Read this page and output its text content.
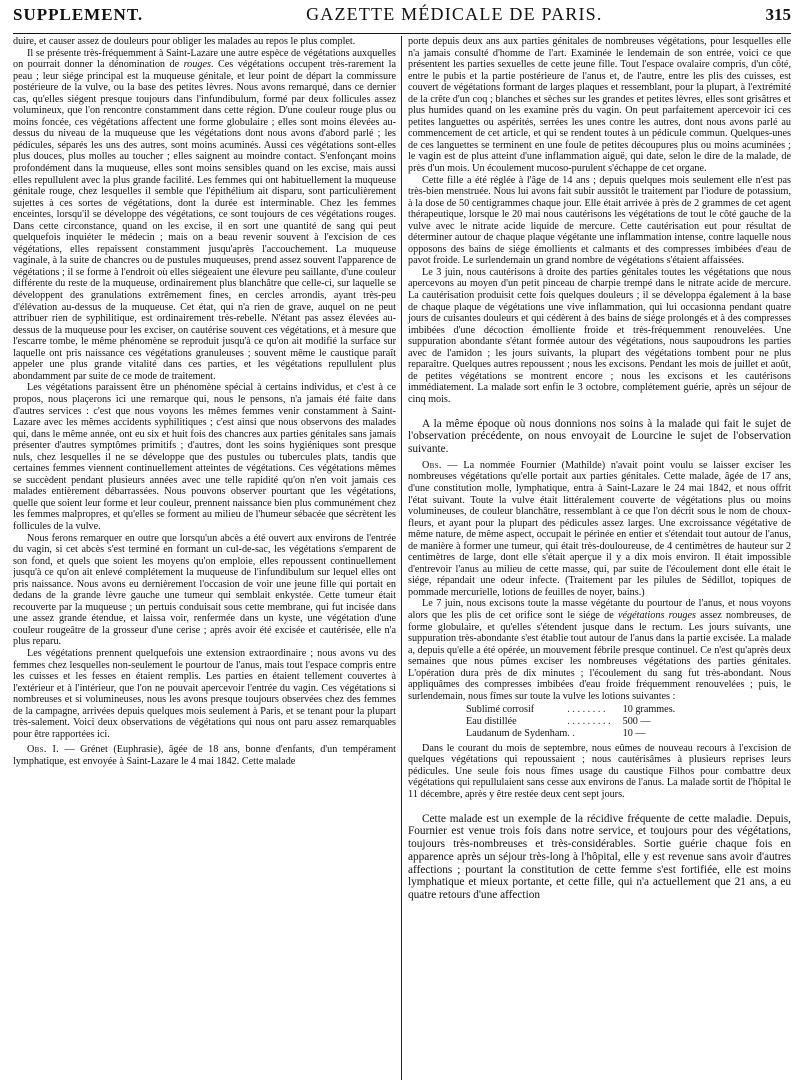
SUPPLEMENT.	GAZETTE MÉDICALE DE PARIS.	315

duire, et causer assez de douleurs pour obliger les malades au repos le plus complet.

Il se présente très-fréquemment à Saint-Lazare une autre espèce de végétations auxquelles on pourrait donner la dénomination de rouges. Ces végétations occupent très-rarement la peau ; leur siége principal est la muqueuse génitale, et leur point de départ la commissure postérieure de la vulve, ou la base des petites lèvres. Nous avons remarqué, dans ce dernier cas, qu'elles siégent presque toujours dans l'infundibulum, formé par deux follicules assez volumineux, que l'on rencontre constamment dans cette région. D'une couleur rouge plus ou moins foncée, ces végétations affectent une forme globulaire ; elles sont moins élevées au-dessus du niveau de la muqueuse que les végétations dont nous avons d'abord parlé ; les pédicules, séparés les uns des autres, sont moins acuminés. Aussi ces végétations sont-elles plus douces, plus molles au toucher ; elles saignent au moindre contact. S'enfonçant moins profondément dans la muqueuse, elles sont moins sensibles quand on les excise, mais aussi elles repullulent avec la plus grande facilité. Les femmes qui ont habituellement la muqueuse génitale rouge, chez lesquelles il semble que l'épithélium ait disparu, sont particulièrement sujettes à ces sortes de végétations, dont la durée est interminable. Chez les femmes enceintes, lorsqu'il se développe des végétations, ce sont toujours de ces végétations rouges. Dans cette circonstance, quand on les excise, il en sort une quantité de sang qui peut quelquefois inquiéter le médecin ; mais on a beau revenir souvent à l'excision de ces végétations, elles repaissent constamment jusqu'après l'accouchement. La muqueuse vaginale, à la suite de chancres ou de pustules muqueuses, prend assez souvent l'apparence de végétations ; il se forme à l'endroit où elles siégeaient une élevure peu saillante, d'une couleur différente du reste de la muqueuse, ordinairement plus blanchâtre que celle-ci, sur laquelle se développent des granulations extrêmement fines, en cercles arrondis, ayant très-peu d'élévation au-dessus de la muqueuse. Cet état, qui n'a rien de grave, auquel on ne peut attribuer rien de syphilitique, est ordinairement très-rebelle. N'étant pas assez élevées au-dessus de la muqueuse pour les exciser, on cautérise souvent ces végétations, et à mesure que l'escarre tombe, le même phénomène se reproduit jusqu'à ce qu'on ait modifié la surface sur laquelle ont pris naissance ces végétations granuleuses ; souvent même le caustique paraît appeler une plus grande vitalité dans ces parties, et les végétations repullulent plus abondamment par suite de ce mode de traitement.

Les végétations paraissent être un phénomène spécial à certains individus, et c'est à ce propos, nous plaçerons ici une remarque qui, nous le pensons, n'a jamais été faite dans d'autres services : c'est que nous voyons les mêmes femmes venir constamment à Saint-Lazare avec les mêmes accidents syphilitiques ; c'est ainsi que nous observons des malades qui, dans le même année, ont eu six et huit fois des chancres aux parties génitales sans jamais présenter d'autres symptômes primitifs ; d'autres, dont les soins hygiéniques sont presque nuls, chez lesquelles il ne se développe que des pustules ou tubercules plats, tandis que certaines femmes viennent continuellement atteintes de végétations. Ces végétations mêmes se succèdent pendant plusieurs années avec une telle rapidité qu'on n'en voit jamais ces malades entièrement débarrassées. Nous pouvons observer pourtant que les végétations, quelle que soient leur forme et leur couleur, prennent naissance bien plus communément chez les femmes malpropres, et qu'elles se forment au milieu de l'humeur sébacée que sécrètent les follicules de la vulve.

Nous ferons remarquer en outre que lorsqu'un abcès a été ouvert aux environs de l'entrée du vagin, si cet abcès s'est terminé en formant un cul-de-sac, les végétations s'emparent de son fond, et quels que soient les moyens qu'on emploie, elles repoussent continuellement jusqu'à ce qu'on ait enlevé complétement la muqueuse de l'infundibulum sur lequel elles ont pris naissance. Nous avons eu dernièrement l'occasion de voir une jeune fille qui portait en dedans de la grande lèvre gauche une tumeur qui semblait enkystée. Cette tumeur était recouverte par la muqueuse ; un pertuis conduisait sous cette membrane, qui fut incisée dans une assez grande étendue, et laissa voir, renfermée dans un kyste, une végétation d'une couleur rougeâtre de la grosseur d'une cerise ; après avoir été excisée et cautérisée, elle n'a plus reparu.

Les végétations prennent quelquefois une extension extraordinaire ; nous avons vu des femmes chez lesquelles non-seulement le pourtour de l'anus, mais tout l'espace compris entre les cuisses et les fesses en étaient remplis. Les parties en étaient tellement couvertes à l'extérieur et à l'intérieur, que l'on ne pouvait apercevoir l'entrée du vagin. Ces végétations si nombreuses et si volumineuses, nous les avons presque toujours observées chez des femmes de la campagne, arrivées depuis quelques mois seulement à Paris, et se tenant pour la plupart très-salement. Voici deux observations de végétations qui nous ont paru assez remarquables pour être rapportées ici.

Obs. I. — Grénet (Euphrasie), âgée de 18 ans, bonne d'enfants, d'un tempérament lymphatique, est envoyée à Saint-Lazare le 4 mai 1842. Cette malade

porte depuis deux ans aux parties génitales de nombreuses végétations, pour lesquelles elle n'a jamais consulté d'homme de l'art. Examinée le lendemain de son entrée, voici ce que présentent les parties sexuelles de cette jeune fille. Tout l'espace ovalaire compris, d'un côté, entre le pubis et la partie postérieure de l'anus et, de l'autre, entre les plis des cuisses, est couvert de végétations formant de larges plaques et ressemblant, pour la plupart, à l'extrémité de la crête d'un coq ; blanches et sèches sur les grandes et petites lèvres, elles sont grisâtres et plus humides quand on les examine près du vagin. On peut parfaitement apercevoir ici ces petites languettes ou aspérités, serrées les unes contre les autres, dont nous avons parlé au commencement de cet article, et qui se rendent toutes à un pédicule commun. Quelques-unes de ces languettes se terminent en une foule de petites découpures plus ou moins acuminées ; le vagin est de plus atteint d'une inflammation aiguë, qui date, selon le dire de la malade, de près d'un mois. Un écoulement mucoso-purulent s'échappe de cet organe.

Cette fille a été réglée à l'âge de 14 ans ; depuis quelques mois seulement elle n'est pas très-bien menstruée. Nous lui avons fait subir aussitôt le traitement par l'iodure de potassium, à la dose de 50 centigrammes chaque jour. Elle était arrivée à près de 2 grammes de cet agent thérapeutique, lorsque le 20 mai nous cautérisons les végétations de tout le côté gauche de la vulve avec le nitrate acide liquide de mercure. Cette cautérisation eut pour résultat de déterminer autour de chaque plaque végétante une inflammation intense, contre laquelle nous opposons des bains de siége émollients et calmants et des compresses imbibées d'eau de pavot froide. Le surlendemain un grand nombre de végétations s'étaient affaissées.

Le 3 juin, nous cautérisons à droite des parties génitales toutes les végétations que nous apercevons au moyen d'un petit pinceau de charpie trempé dans le nitrate acide de mercure. La cautérisation produisit cette fois quelques douleurs ; il se développa également à la base de chaque plaque de végétations une vive inflammation, qui lui occasionna pendant quatre jours de cuisantes douleurs et qui cédèrent à des bains de siége prolongés et à des compresses imbibées d'une décoction émolliente froide et très-fréquemment renouvelées. Une suppuration abondante s'étant formée autour des végétations, nous saupoudrons les parties avec de l'amidon ; les jours suivants, la plupart des végétations tombent pour ne plus reparaître. Quelques autres repoussent ; nous les excisons. Pendant les mois de juillet et août, de petites végétations se montrent encore ; nous les excisons et les cautérisons immédiatement. La malade sort enfin le 3 octobre, complétement guérie, après un séjour de cinq mois.

A la même époque où nous donnions nos soins à la malade qui fait le sujet de l'observation précédente, on nous envoyait de Lourcine le sujet de l'observation suivante.

Obs. — La nommée Fournier (Mathilde) n'avait point voulu se laisser exciser les nombreuses végétations qu'elle portait aux parties génitales. Cette malade, âgée de 17 ans, d'une constitution molle, lymphatique, entra à Saint-Lazare le 24 mai 1842, et nous offrit l'état suivant. Toute la vulve était littéralement couverte de végétations plus ou moins volumineuses, de couleur blanchâtre, ressemblant à ce que l'on décrit sous le nom de choux-fleurs, et ayant pour la plupart des pédicules assez larges. Une excroissance végétative de même nature, de même aspect, occupait le périnée en entier et s'étendait tout autour de l'anus, de manière à former une tumeur, qui était très-douloureuse, de 4 centimètres de hauteur sur 2 centimètres de large, dont elle s'était aperçue il y a dix mois environ. Il était impossible d'entrevoir l'anus au milieu de cette masse, qui, par suite de l'écoulement dont elle était le siége, répandait une odeur infecte. (Traitement par les pilules de Sédillot, topiques de pommade mercurielle, lotions de feuilles de noyer, bains.)

Le 7 juin, nous excisons toute la masse végétante du pourtour de l'anus, et nous voyons alors que les plis de cet orifice sont le siége de végétations rouges assez nombreuses, de forme globulaire, et qu'elles s'étendent jusque dans le rectum. Les jours suivants, une suppuration très-abondante s'est établie tout autour de l'anus dans la partie excisée. La malade a, depuis qu'elle a été opérée, un mouvement fébrile presque continuel. Ce n'est qu'après deux semaines que nous pûmes exciser les nombreuses végétations des parties génitales. L'opération dura près de dix minutes ; l'écoulement du sang fut très-abondant. Nous appliquâmes des compresses imbibées d'eau froide fréquemment renouvelées ; puis, le surlendemain, nous fîmes sur toute la vulve les lotions suivantes :

Sublimé corrosif	. . . . . . . .	10 grammes.
Eau distillée	. . . . . . . . .	500 —
Laudanum de Sydenham	. .	10 —

Dans le courant du mois de septembre, nous eûmes de nouveau recours à l'excision de quelques végétations qui repoussaient ; nous cautérisâmes à plusieurs reprises leurs pédicules. Une seule fois nous fîmes usage du caustique Filhos pour combattre deux végétations qui repullulaient sans cesse aux environs de l'anus. La malade sortit de l'hôpital le 11 décembre, après y être restée deux cent sept jours.

Cette malade est un exemple de la récidive fréquente de cette maladie. Depuis, Fournier est venue trois fois dans notre service, et toujours pour des végétations, toujours très-nombreuses et très-considérables. Sortie guérie chaque fois en apparence après un séjour très-long à l'hôpital, elle y est revenue sans avoir d'autres affections ; pourtant la constitution de cette femme s'est fortifiée, elle est moins lymphatique et mieux portante, et cette fille, qui n'a actuellement que 21 ans, a eu quatre retours d'une affection
